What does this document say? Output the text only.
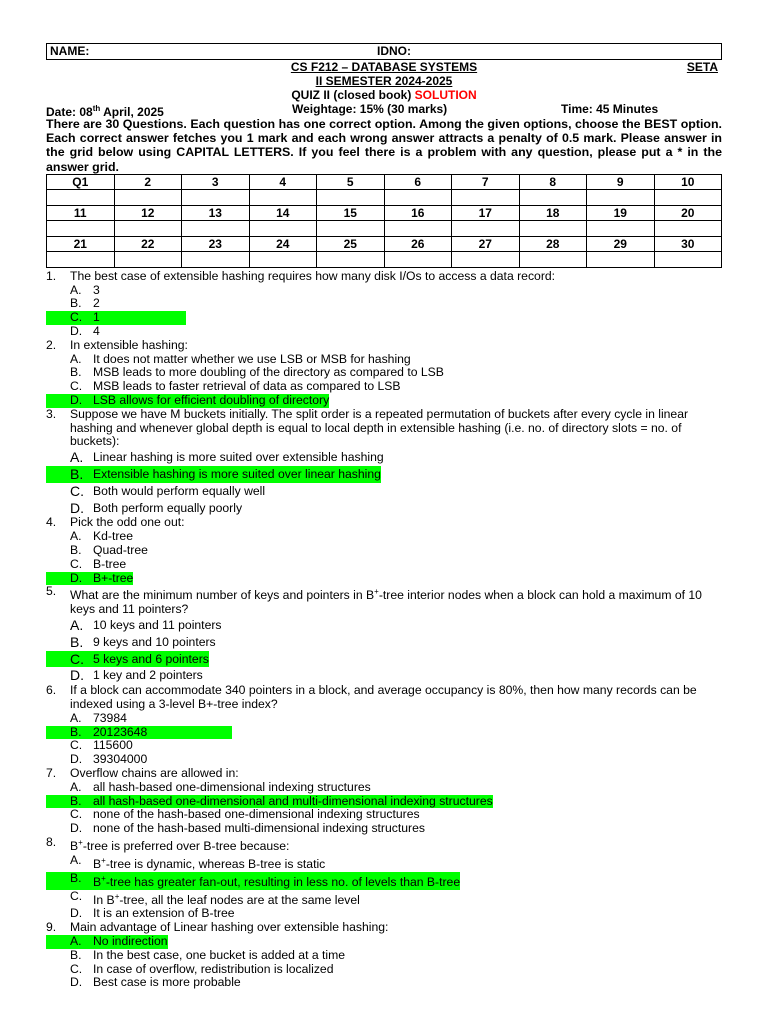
NAME:	IDNO:
CS F212 – DATABASE SYSTEMS	SETA
II SEMESTER 2024-2025
QUIZ II (closed book) SOLUTION
Date: 08th April, 2025	Weightage: 15% (30 marks)	Time: 45 Minutes
There are 30 Questions. Each question has one correct option. Among the given options, choose the BEST option. Each correct answer fetches you 1 mark and each wrong answer attracts a penalty of 0.5 mark. Please answer in the grid below using CAPITAL LETTERS. If you feel there is a problem with any question, please put a * in the answer grid.
Q1	2	3	4	5	6	7	8	9	10

11	12	13	14	15	16	17	18	19	20

21	22	23	24	25	26	27	28	29	30

1. The best case of extensible hashing requires how many disk I/Os to access a data record:
A. 3
B. 2
C. 1
D. 4
2. In extensible hashing:
A. It does not matter whether we use LSB or MSB for hashing
B. MSB leads to more doubling of the directory as compared to LSB
C. MSB leads to faster retrieval of data as compared to LSB
D. LSB allows for efficient doubling of directory
3. Suppose we have M buckets initially. The split order is a repeated permutation of buckets after every cycle in linear hashing and whenever global depth is equal to local depth in extensible hashing (i.e. no. of directory slots = no. of buckets):
A. Linear hashing is more suited over extensible hashing
B. Extensible hashing is more suited over linear hashing
C. Both would perform equally well
D. Both perform equally poorly
4. Pick the odd one out:
A. Kd-tree
B. Quad-tree
C. B-tree
D. B+-tree
5. What are the minimum number of keys and pointers in B+-tree interior nodes when a block can hold a maximum of 10 keys and 11 pointers?
A. 10 keys and 11 pointers
B. 9 keys and 10 pointers
C. 5 keys and 6 pointers
D. 1 key and 2 pointers
6. If a block can accommodate 340 pointers in a block, and average occupancy is 80%, then how many records can be indexed using a 3-level B+-tree index?
A. 73984
B. 20123648
C. 115600
D. 39304000
7. Overflow chains are allowed in:
A. all hash-based one-dimensional indexing structures
B. all hash-based one-dimensional and multi-dimensional indexing structures
C. none of the hash-based one-dimensional indexing structures
D. none of the hash-based multi-dimensional indexing structures
8. B+-tree is preferred over B-tree because:
A. B+-tree is dynamic, whereas B-tree is static
B. B+-tree has greater fan-out, resulting in less no. of levels than B-tree
C. In B+-tree, all the leaf nodes are at the same level
D. It is an extension of B-tree
9. Main advantage of Linear hashing over extensible hashing:
A. No indirection
B. In the best case, one bucket is added at a time
C. In case of overflow, redistribution is localized
D. Best case is more probable
